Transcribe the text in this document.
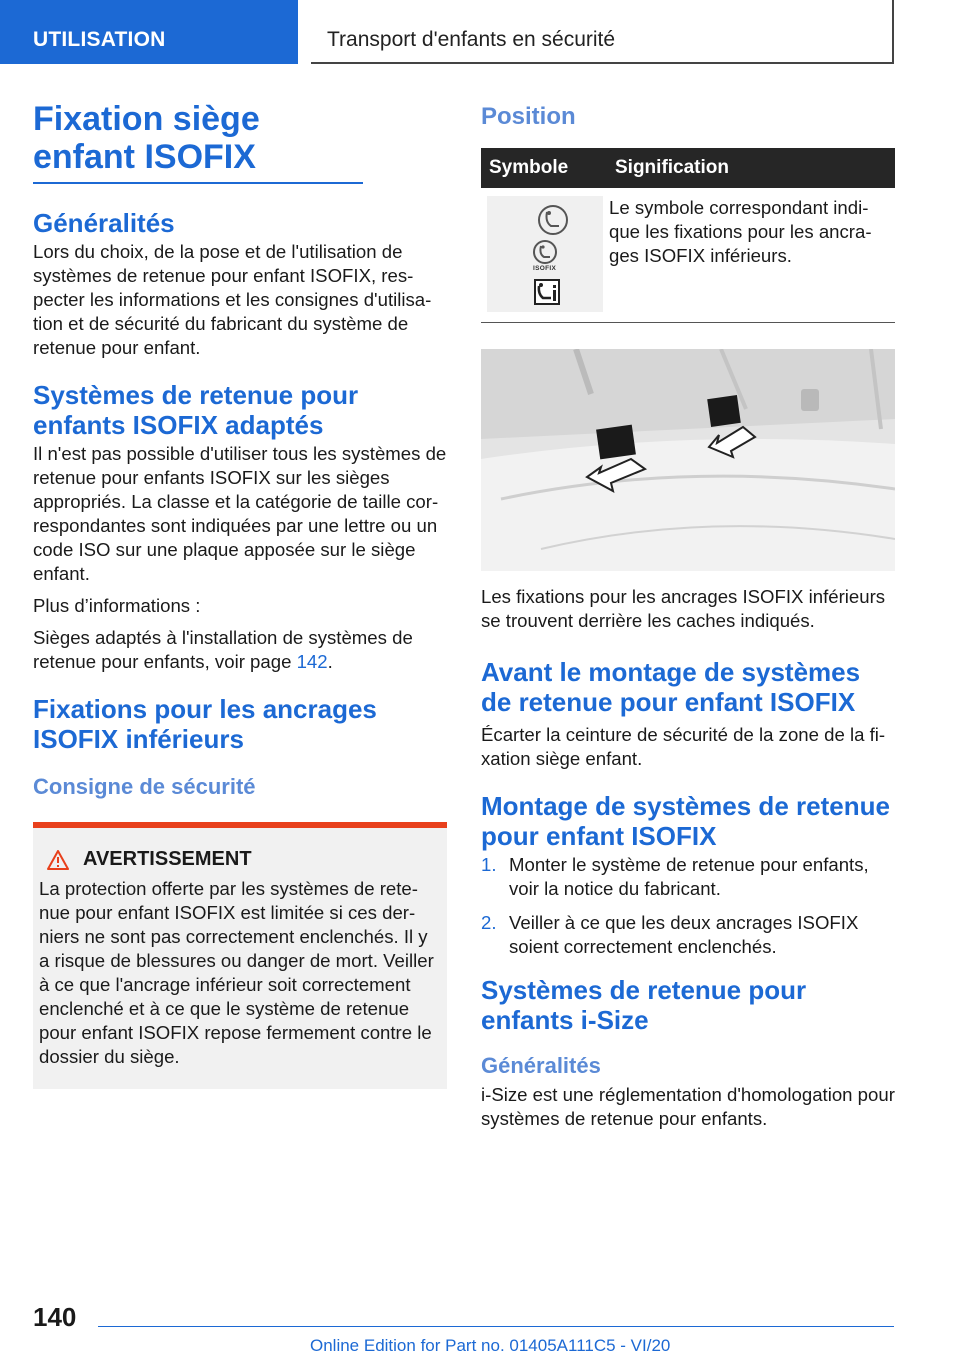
UTILISATION	Transport d'enfants en sécurité
Fixation siège enfant ISOFIX
Généralités

Lors du choix, de la pose et de l'utilisation de systèmes de retenue pour enfant ISOFIX, res-pecter les informations et les consignes d'utilisa-tion et de sécurité du fabricant du système de retenue pour enfant.

Systèmes de retenue pour enfants ISOFIX adaptés

Il n'est pas possible d'utiliser tous les systèmes de retenue pour enfants ISOFIX sur les sièges appropriés. La classe et la catégorie de taille cor-respondantes sont indiquées par une lettre ou un code ISO sur une plaque apposée sur le siège enfant.

Plus d’informations :

Sièges adaptés à l'installation de systèmes de retenue pour enfants, voir page 142.

Fixations pour les ancrages ISOFIX inférieurs
Consigne de sécurité
AVERTISSEMENT

La protection offerte par les systèmes de rete-nue pour enfant ISOFIX est limitée si ces der-niers ne sont pas correctement enclenchés. Il y a risque de blessures ou danger de mort. Veiller à ce que l'ancrage inférieur soit correctement enclenché et à ce que le système de retenue pour enfant ISOFIX repose fermement contre le dossier du siège.

Position
Symbole	Signification

ISOFIX	Le symbole correspondant indi-que les fixations pour les ancra-ges ISOFIX inférieurs.

Les fixations pour les ancrages ISOFIX inférieurs se trouvent derrière les caches indiqués.

Avant le montage de systèmes de retenue pour enfant ISOFIX

Écarter la ceinture de sécurité de la zone de la fi-xation siège enfant.

Montage de systèmes de retenue pour enfant ISOFIX
1. Monter le système de retenue pour enfants, voir la notice du fabricant.
2. Veiller à ce que les deux ancrages ISOFIX soient correctement enclenchés.
Systèmes de retenue pour enfants i-Size
Généralités

i-Size est une réglementation d'homologation pour systèmes de retenue pour enfants.

140
Online Edition for Part no. 01405A111C5 - VI/20
